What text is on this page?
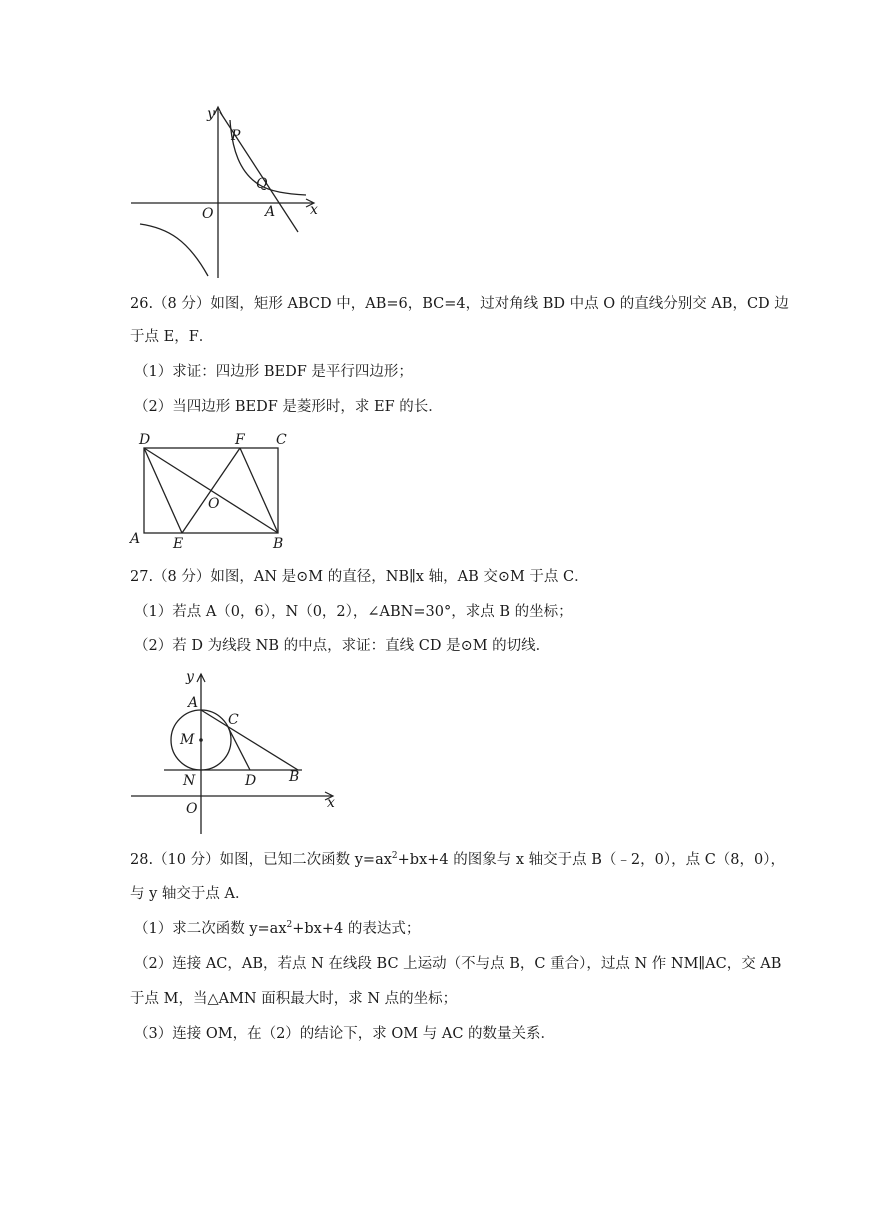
y
x
O
P
Q
A
26.（8 分）如图，矩形 ABCD 中，AB=6，BC=4，过对角线 BD 中点 O 的直线分别交 AB，CD 边
于点 E，F．
（1）求证：四边形 BEDF 是平行四边形；
（2）当四边形 BEDF 是菱形时，求 EF 的长．
D	F C
O
A E	B
27.（8 分）如图，AN 是⊙M 的直径，NB∥x 轴，AB 交⊙M 于点 C．
（1）若点 A（0，6），N（0，2），∠ABN=30°，求点 B 的坐标；
（2）若 D 为线段 NB 的中点，求证：直线 CD 是⊙M 的切线．
y
A
C
M
N	D B
O	x
28.（10 分）如图，已知二次函数 $y=ax^2+bx+4$ 的图象与 x 轴交于点 B（﹣2，0），点 C（8，0），
与 y 轴交于点 A．
（1）求二次函数 $y=ax^2+bx+4$ 的表达式；
（2）连接 AC，AB，若点 N 在线段 BC 上运动（不与点 B，C 重合），过点 N 作 NM∥AC，交 AB
于点 M，当△AMN 面积最大时，求 N 点的坐标；
（3）连接 OM，在（2）的结论下，求 OM 与 AC 的数量关系．
